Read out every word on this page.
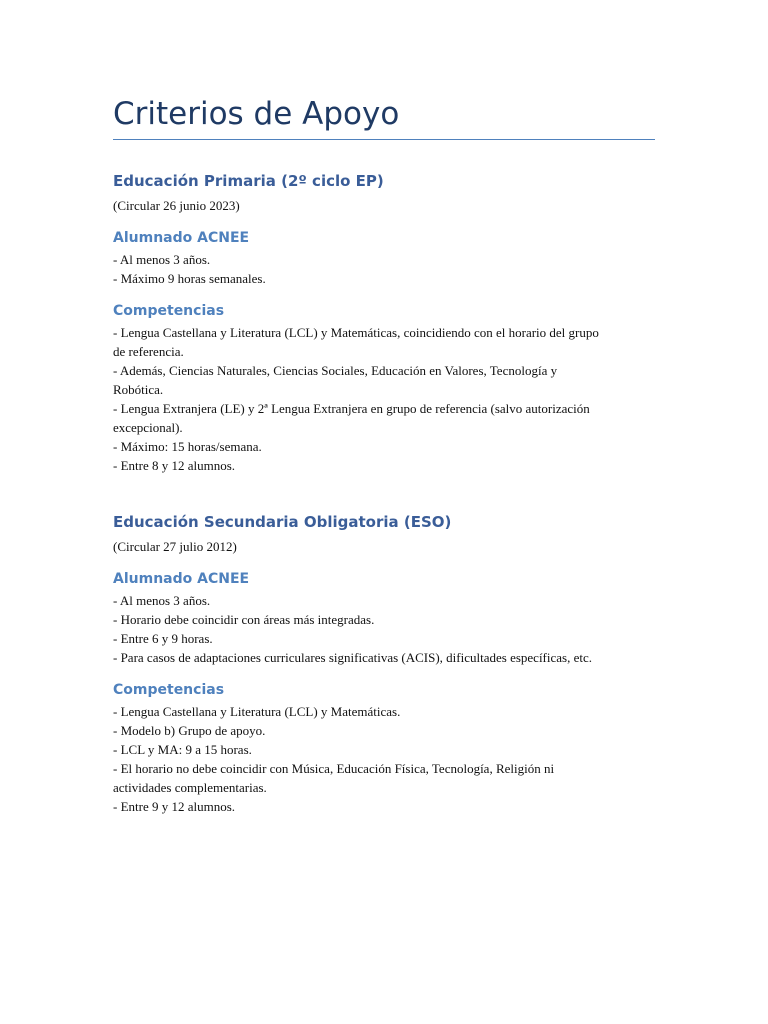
Criterios de Apoyo
Educación Primaria (2º ciclo EP)

(Circular 26 junio 2023)

Alumnado ACNEE

- Al menos 3 años.

- Máximo 9 horas semanales.

Competencias

- Lengua Castellana y Literatura (LCL) y Matemáticas, coincidiendo con el horario del grupo

de referencia.

- Además, Ciencias Naturales, Ciencias Sociales, Educación en Valores, Tecnología y

Robótica.

- Lengua Extranjera (LE) y 2ª Lengua Extranjera en grupo de referencia (salvo autorización

excepcional).

- Máximo: 15 horas/semana.

- Entre 8 y 12 alumnos.

Educación Secundaria Obligatoria (ESO)

(Circular 27 julio 2012)

Alumnado ACNEE

- Al menos 3 años.

- Horario debe coincidir con áreas más integradas.

- Entre 6 y 9 horas.

- Para casos de adaptaciones curriculares significativas (ACIS), dificultades específicas, etc.

Competencias

- Lengua Castellana y Literatura (LCL) y Matemáticas.

- Modelo b) Grupo de apoyo.

- LCL y MA: 9 a 15 horas.

- El horario no debe coincidir con Música, Educación Física, Tecnología, Religión ni

actividades complementarias.

- Entre 9 y 12 alumnos.
